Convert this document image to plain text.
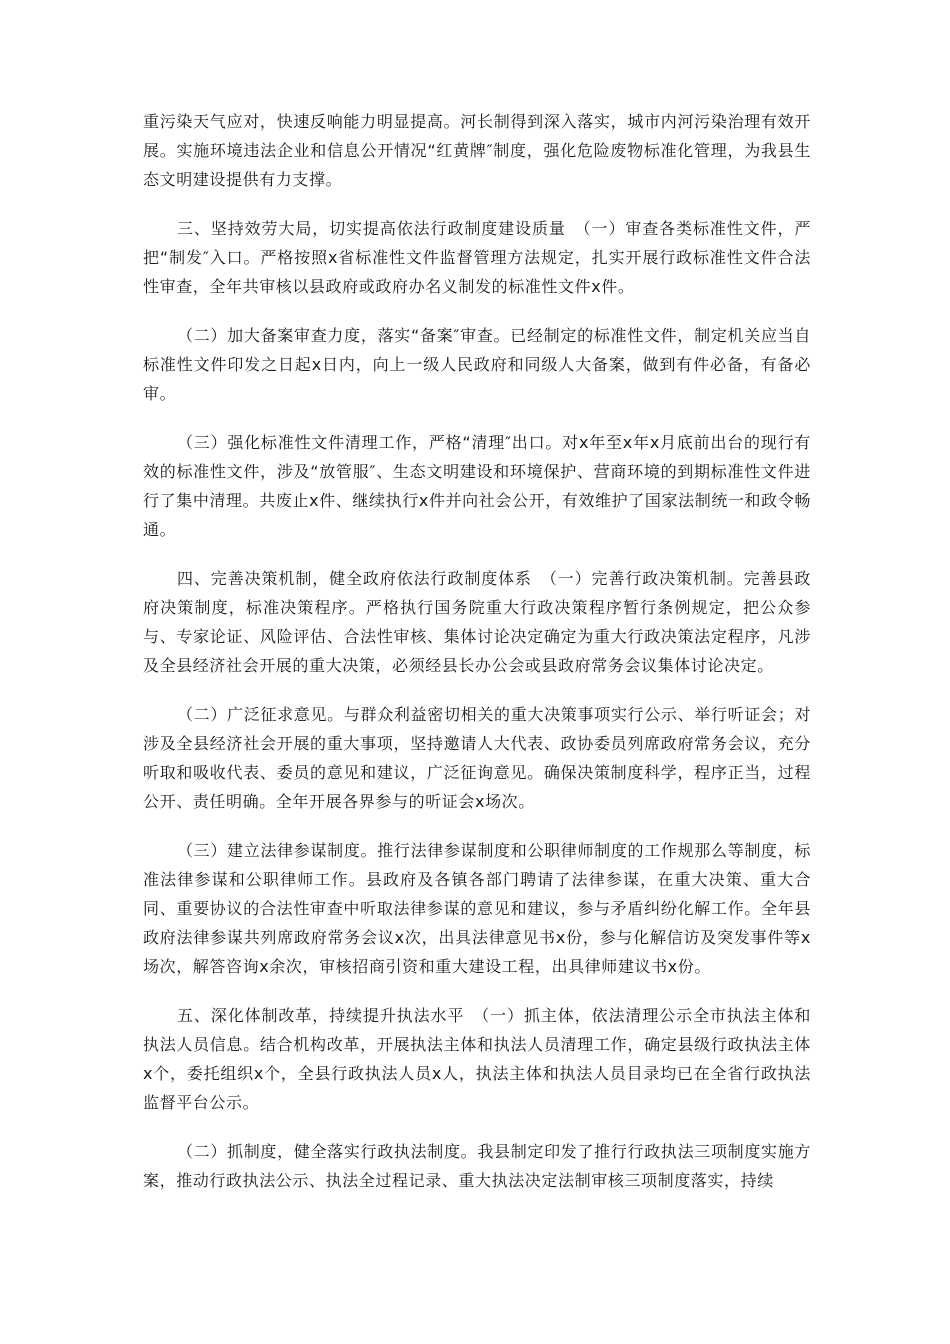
重污染天气应对，快速反响能力明显提高。河长制得到深入落实，城市内河污染治理有效开展。实施环境违法企业和信息公开情况“红黄牌″制度，强化危险废物标准化管理，为我县生态文明建设提供有力支撑。

三、坚持效劳大局，切实提高依法行政制度建设质量　（一）审查各类标准性文件，严把“制发″入口。严格按照x省标准性文件监督管理方法规定，扎实开展行政标准性文件合法性审查，全年共审核以县政府或政府办名义制发的标准性文件x件。

（二）加大备案审查力度，落实“备案″审查。已经制定的标准性文件，制定机关应当自标准性文件印发之日起x日内，向上一级人民政府和同级人大备案，做到有件必备，有备必审。

（三）强化标准性文件清理工作，严格“清理″出口。对x年至x年x月底前出台的现行有效的标准性文件，涉及“放管服″、生态文明建设和环境保护、营商环境的到期标准性文件进行了集中清理。共废止x件、继续执行x件并向社会公开，有效维护了国家法制统一和政令畅通。

四、完善决策机制，健全政府依法行政制度体系　（一）完善行政决策机制。完善县政府决策制度，标准决策程序。严格执行国务院重大行政决策程序暂行条例规定，把公众参与、专家论证、风险评估、合法性审核、集体讨论决定确定为重大行政决策法定程序，凡涉及全县经济社会开展的重大决策，必须经县长办公会或县政府常务会议集体讨论决定。

（二）广泛征求意见。与群众利益密切相关的重大决策事项实行公示、举行听证会；对涉及全县经济社会开展的重大事项，坚持邀请人大代表、政协委员列席政府常务会议，充分听取和吸收代表、委员的意见和建议，广泛征询意见。确保决策制度科学，程序正当，过程公开、责任明确。全年开展各界参与的听证会x场次。

（三）建立法律参谋制度。推行法律参谋制度和公职律师制度的工作规那么等制度，标准法律参谋和公职律师工作。县政府及各镇各部门聘请了法律参谋，在重大决策、重大合同、重要协议的合法性审查中听取法律参谋的意见和建议，参与矛盾纠纷化解工作。全年县政府法律参谋共列席政府常务会议x次，出具法律意见书x份，参与化解信访及突发事件等x场次，解答咨询x余次，审核招商引资和重大建设工程，出具律师建议书x份。

五、深化体制改革，持续提升执法水平　（一）抓主体，依法清理公示全市执法主体和执法人员信息。结合机构改革，开展执法主体和执法人员清理工作，确定县级行政执法主体x个，委托组织x个，全县行政执法人员x人，执法主体和执法人员目录均已在全省行政执法监督平台公示。

（二）抓制度，健全落实行政执法制度。我县制定印发了推行行政执法三项制度实施方案，推动行政执法公示、执法全过程记录、重大执法决定法制审核三项制度落实，持续
